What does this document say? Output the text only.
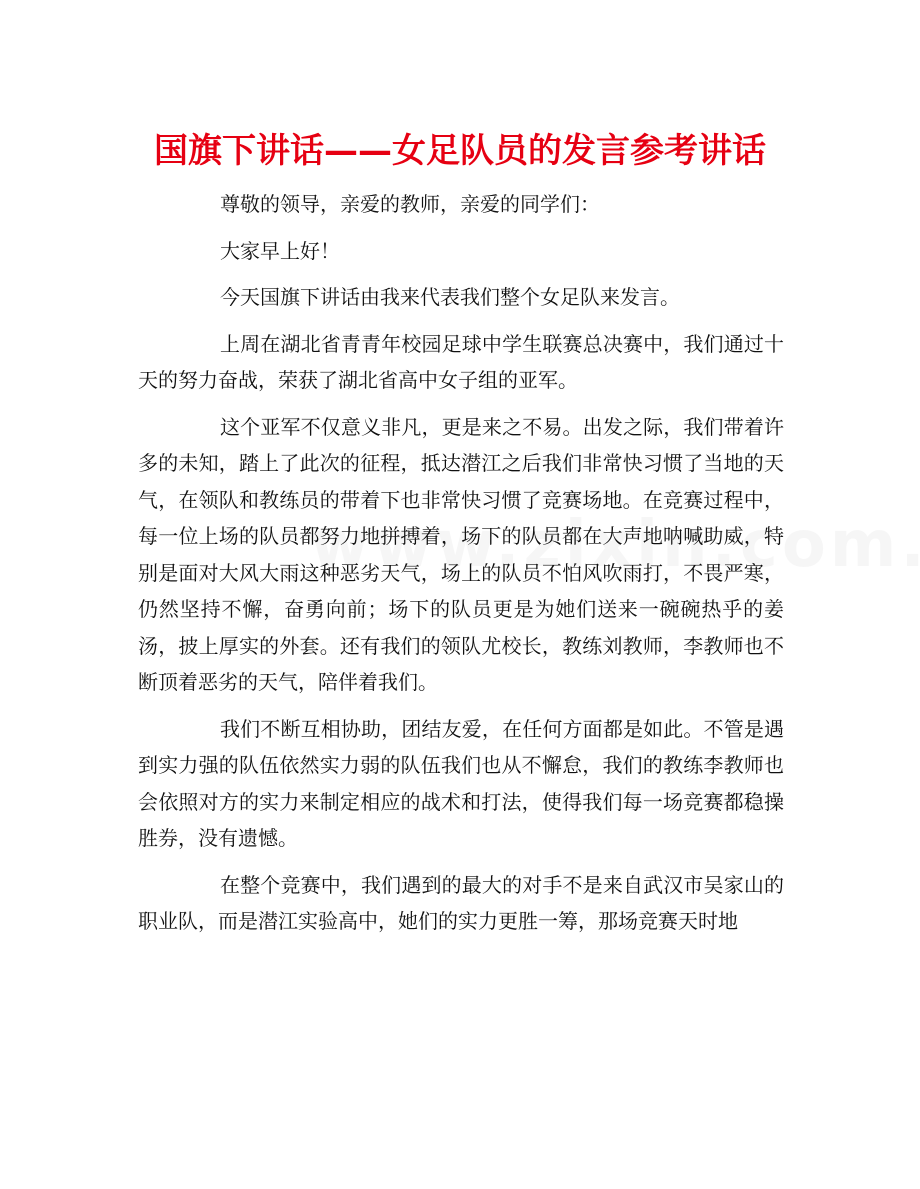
国旗下讲话——女足队员的发言参考讲话

尊敬的领导，亲爱的教师，亲爱的同学们：

大家早上好！

今天国旗下讲话由我来代表我们整个女足队来发言。

上周在湖北省青青年校园足球中学生联赛总决赛中，我们通过十天的努力奋战，荣获了湖北省高中女子组的亚军。

这个亚军不仅意义非凡，更是来之不易。出发之际，我们带着许多的未知，踏上了此次的征程，抵达潜江之后我们非常快习惯了当地的天气，在领队和教练员的带着下也非常快习惯了竞赛场地。在竞赛过程中，每一位上场的队员都努力地拼搏着，场下的队员都在大声地呐喊助威，特别是面对大风大雨这种恶劣天气，场上的队员不怕风吹雨打，不畏严寒，仍然坚持不懈，奋勇向前；场下的队员更是为她们送来一碗碗热乎的姜汤，披上厚实的外套。还有我们的领队尤校长，教练刘教师，李教师也不断顶着恶劣的天气，陪伴着我们。

我们不断互相协助，团结友爱，在任何方面都是如此。不管是遇到实力强的队伍依然实力弱的队伍我们也从不懈怠，我们的教练李教师也会依照对方的实力来制定相应的战术和打法，使得我们每一场竞赛都稳操胜券，没有遗憾。

在整个竞赛中，我们遇到的最大的对手不是来自武汉市吴家山的职业队，而是潜江实验高中，她们的实力更胜一筹，那场竞赛天时地
